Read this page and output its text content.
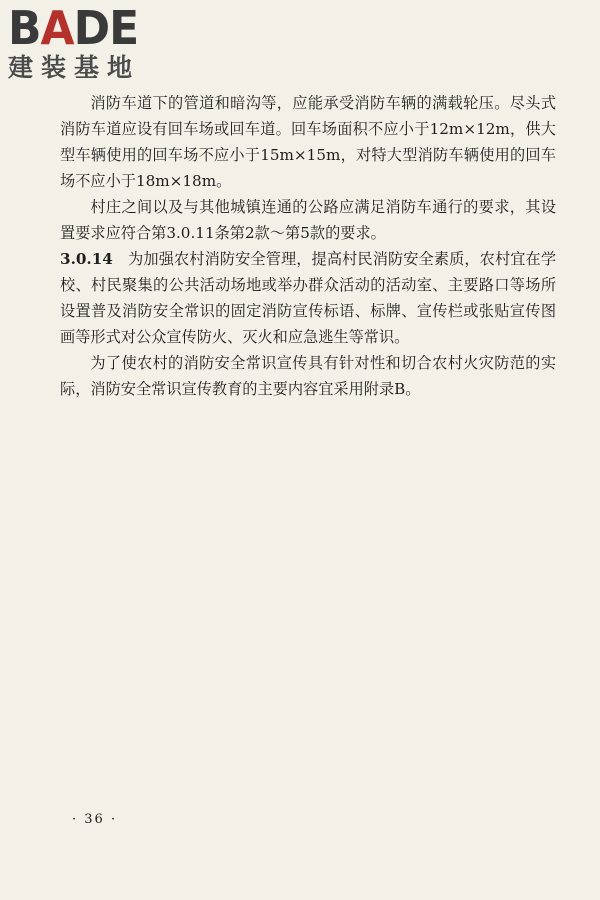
BADE
建装基地

消防车道下的管道和暗沟等，应能承受消防车辆的满载轮压。尽头式消防车道应设有回车场或回车道。回车场面积不应小于12m×12m，供大型车辆使用的回车场不应小于15m×15m，对特大型消防车辆使用的回车场不应小于18m×18m。

村庄之间以及与其他城镇连通的公路应满足消防车通行的要求，其设置要求应符合第3.0.11条第2款～第5款的要求。

3.0.14 为加强农村消防安全管理，提高村民消防安全素质，农村宜在学校、村民聚集的公共活动场地或举办群众活动的活动室、主要路口等场所设置普及消防安全常识的固定消防宣传标语、标牌、宣传栏或张贴宣传图画等形式对公众宣传防火、灭火和应急逃生等常识。

为了使农村的消防安全常识宣传具有针对性和切合农村火灾防范的实际，消防安全常识宣传教育的主要内容宜采用附录B。

· 36 ·
